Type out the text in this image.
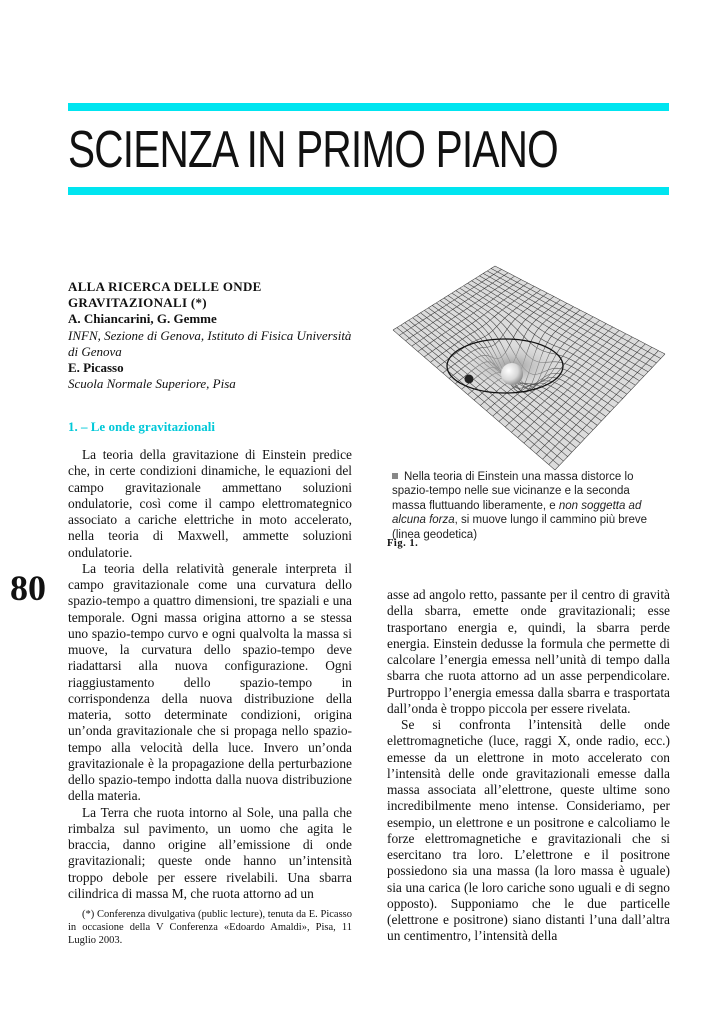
SCIENZA IN PRIMO PIANO
ALLA RICERCA DELLE ONDE GRAVITAZIONALI (*)
A. Chiancarini, G. Gemme
INFN, Sezione di Genova, Istituto di Fisica Università di Genova
E. Picasso
Scuola Normale Superiore, Pisa
1. – Le onde gravitazionali

La teoria della gravitazione di Einstein predice che, in certe condizioni dinamiche, le equazioni del campo gravitazionale ammettano soluzioni ondulatorie, così come il campo elettromategnico associato a cariche elettriche in moto accelerato, nella teoria di Maxwell, ammette soluzioni ondulatorie.

La teoria della relatività generale interpreta il campo gravitazionale come una curvatura dello spazio-tempo a quattro dimensioni, tre spaziali e una temporale. Ogni massa origina attorno a se stessa uno spazio-tempo curvo e ogni qualvolta la massa si muove, la curvatura dello spazio-tempo deve riadattarsi alla nuova configurazione. Ogni riaggiustamento dello spazio-tempo in corrispondenza della nuova distribuzione della materia, sotto determinate condizioni, origina un’onda gravitazionale che si propaga nello spazio-tempo alla velocità della luce. Invero un’onda gravitazionale è la propagazione della perturbazione dello spazio-tempo indotta dalla nuova distribuzione della materia.

La Terra che ruota intorno al Sole, una palla che rimbalza sul pavimento, un uomo che agita le braccia, danno origine all’emissione di onde gravitazionali; queste onde hanno un’intensità troppo debole per essere rivelabili. Una sbarra cilindrica di massa M, che ruota attorno ad un

80
(*) Conferenza divulgativa (public lecture), tenuta da E. Picasso in occasione della V Conferenza «Edoardo Amaldi», Pisa, 11 Luglio 2003.
Nella teoria di Einstein una massa distorce lo spazio-tempo nelle sue vicinanze e la seconda massa fluttuando liberamente, e non soggetta ad alcuna forza, si muove lungo il cammino più breve (linea geodetica)
Fig. 1.

asse ad angolo retto, passante per il centro di gravità della sbarra, emette onde gravitazionali; esse trasportano energia e, quindi, la sbarra perde energia. Einstein dedusse la formula che permette di calcolare l’energia emessa nell’unità di tempo dalla sbarra che ruota attorno ad un asse perpendicolare. Purtroppo l’energia emessa dalla sbarra e trasportata dall’onda è troppo piccola per essere rivelata.

Se si confronta l’intensità delle onde elettromagnetiche (luce, raggi X, onde radio, ecc.) emesse da un elettrone in moto accelerato con l’intensità delle onde gravitazionali emesse dalla massa associata all’elettrone, queste ultime sono incredibilmente meno intense. Consideriamo, per esempio, un elettrone e un positrone e calcoliamo le forze elettromagnetiche e gravitazionali che si esercitano tra loro. L’elettrone e il positrone possiedono sia una massa (la loro massa è uguale) sia una carica (le loro cariche sono uguali e di segno opposto). Supponiamo che le due particelle (elettrone e positrone) siano distanti l’una dall’altra un centimentro, l’intensità della
